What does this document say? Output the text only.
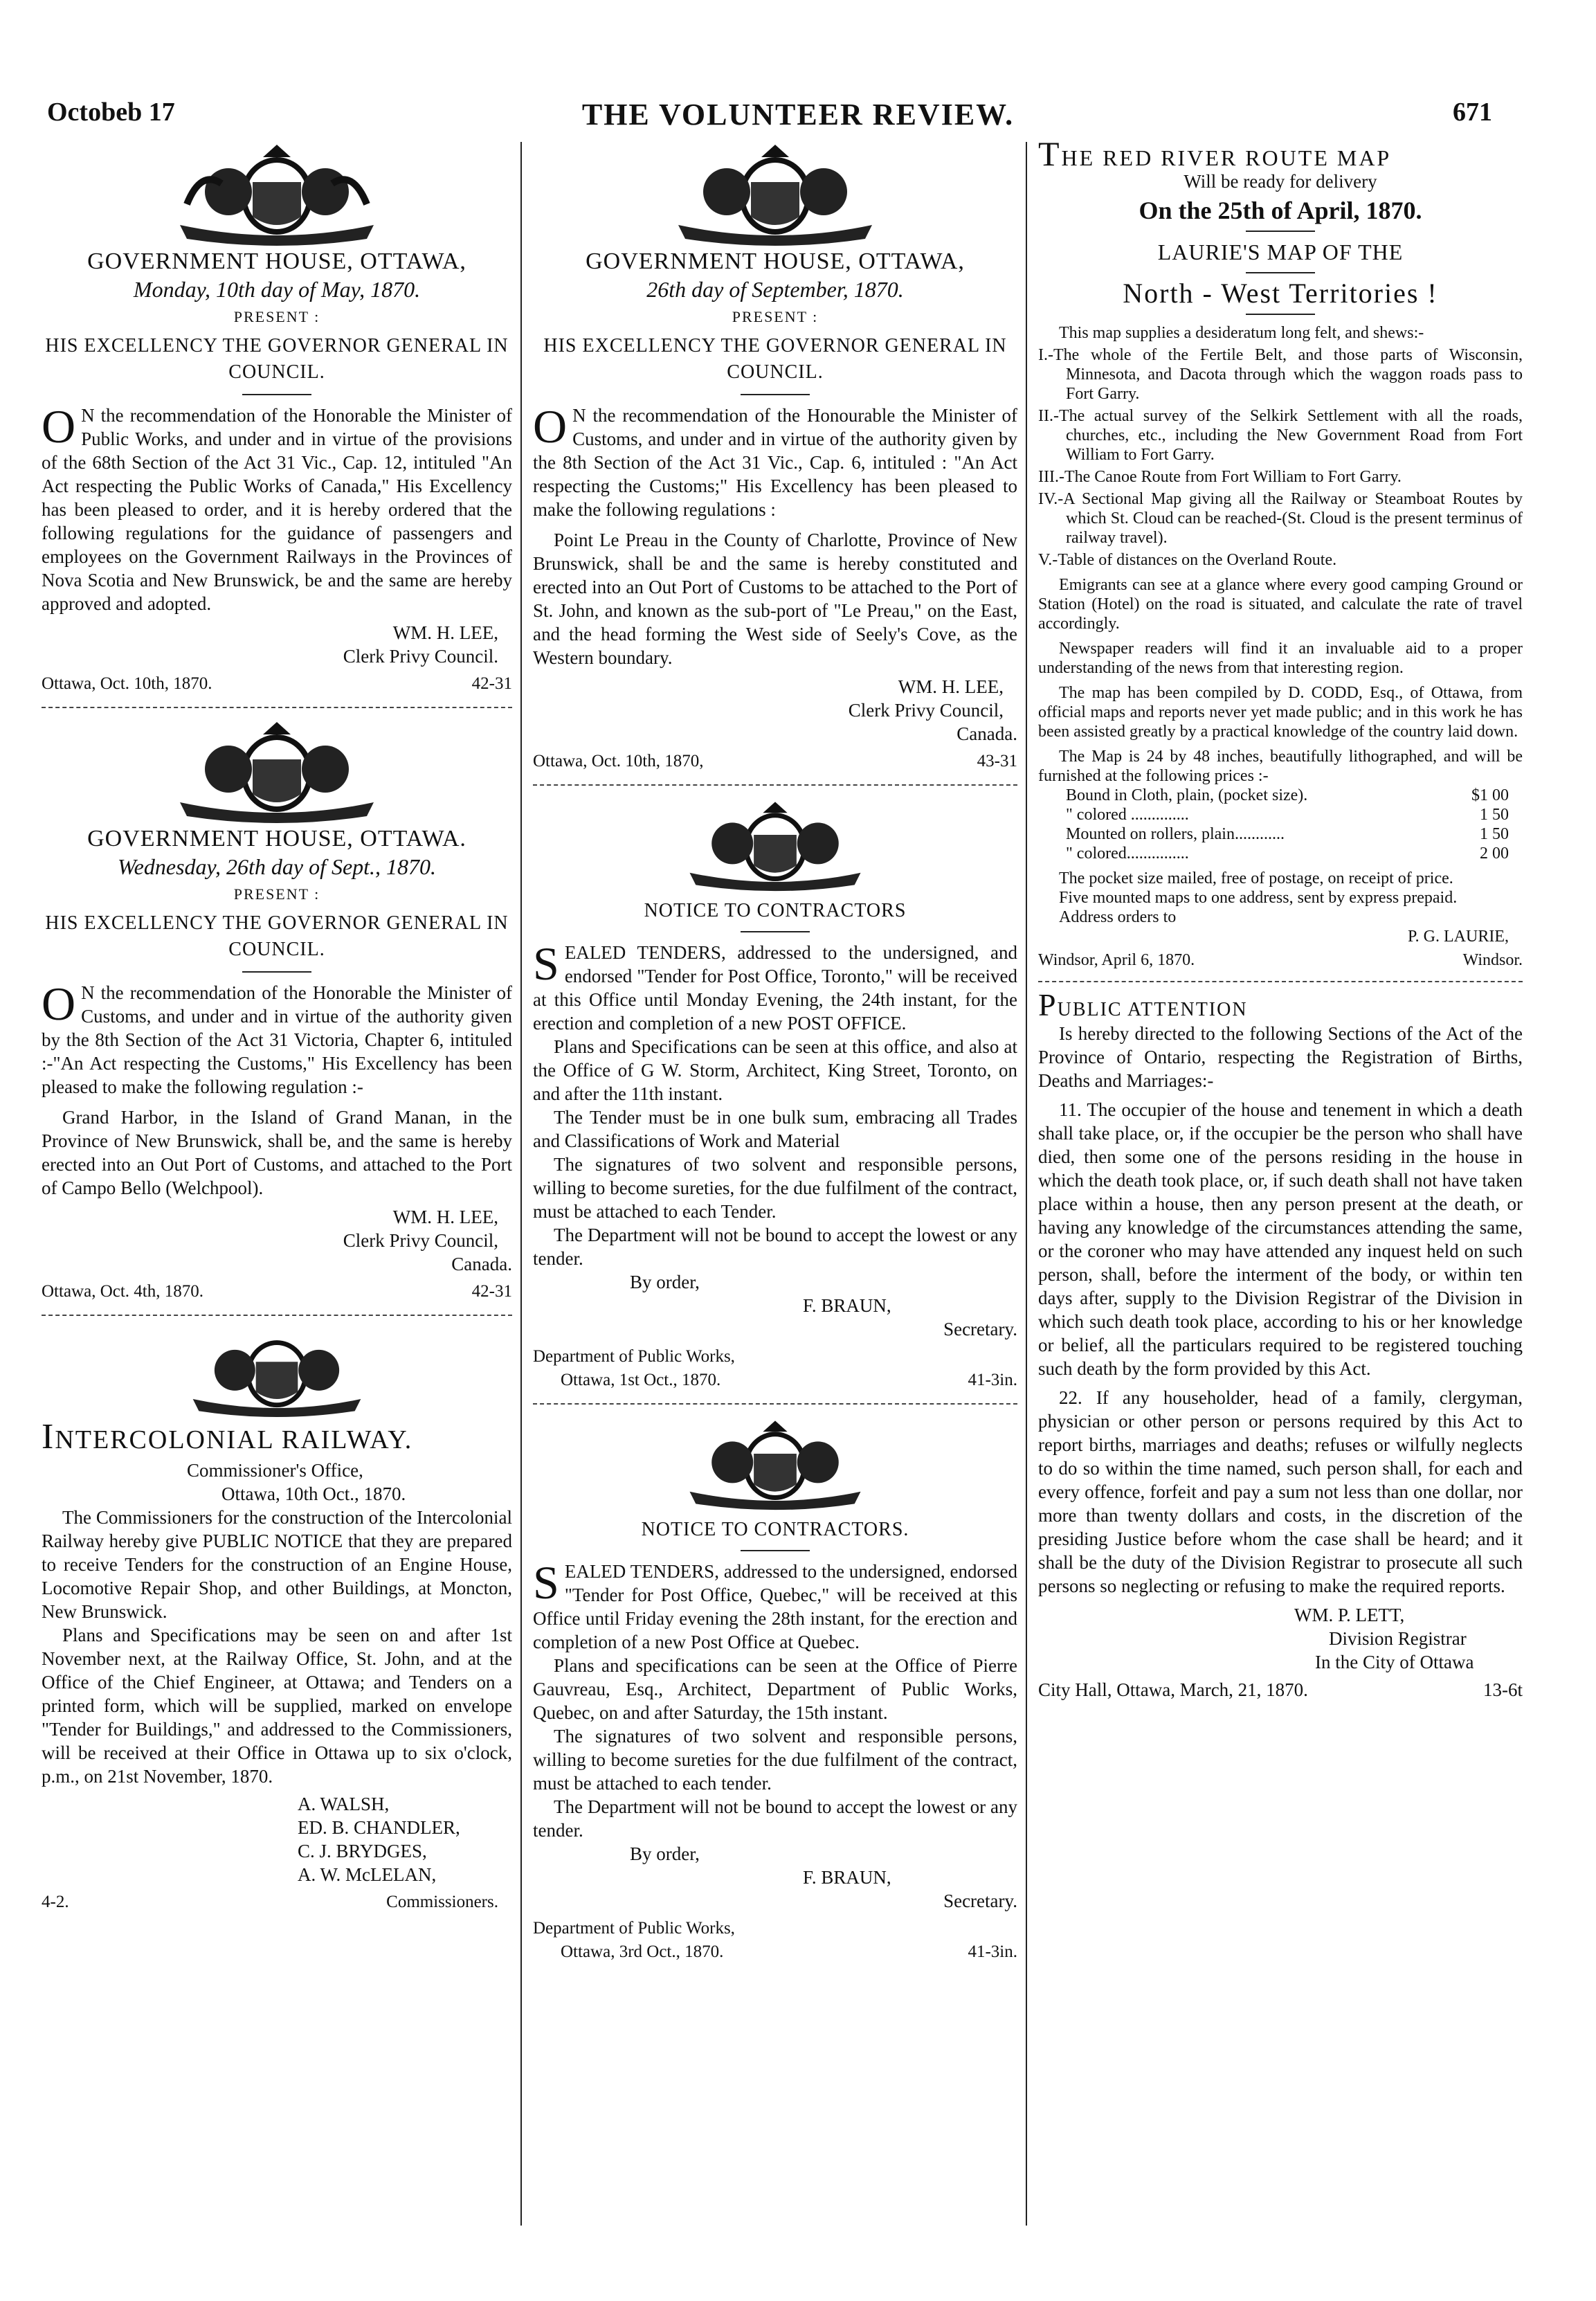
Octobeb 17	THE VOLUNTEER REVIEW.	671
GOVERNMENT HOUSE, OTTAWA,
Monday, 10th day of May, 1870.
PRESENT :
HIS EXCELLENCY THE GOVERNOR GENERAL IN COUNCIL.

O N the recommendation of the Honorable the Minister of Public Works, and under and in virtue of the provisions of the 68th Section of the Act 31 Vic., Cap. 12, intituled "An Act respecting the Public Works of Canada," His Excellency has been pleased to order, and it is hereby ordered that the following regulations for the guidance of passengers and employees on the Government Railways in the Provinces of Nova Scotia and New Brunswick, be and the same are hereby approved and adopted.

WM. H. LEE,
Clerk Privy Council.
Ottawa, Oct. 10th, 1870.	42-31
GOVERNMENT HOUSE, OTTAWA.
Wednesday, 26th day of Sept., 1870.
PRESENT :
HIS EXCELLENCY THE GOVERNOR GENERAL IN COUNCIL.

O N the recommendation of the Honorable the Minister of Customs, and under and in virtue of the authority given by the 8th Section of the Act 31 Victoria, Chapter 6, intituled :-"An Act respecting the Customs," His Excellency has been pleased to make the following regulation :-

Grand Harbor, in the Island of Grand Manan, in the Province of New Brunswick, shall be, and the same is hereby erected into an Out Port of Customs, and attached to the Port of Campo Bello (Welchpool).

WM. H. LEE,
Clerk Privy Council,
Canada.
Ottawa, Oct. 4th, 1870.	42-31
INTERCOLONIAL RAILWAY.
Commissioner's Office,
Ottawa, 10th Oct., 1870.

The Commissioners for the construction of the Intercolonial Railway hereby give PUBLIC NOTICE that they are prepared to receive Tenders for the construction of an Engine House, Locomotive Repair Shop, and other Buildings, at Moncton, New Brunswick.

Plans and Specifications may be seen on and after 1st November next, at the Railway Office, St. John, and at the Office of the Chief Engineer, at Ottawa; and Tenders on a printed form, which will be supplied, marked on envelope "Tender for Buildings," and addressed to the Commissioners, will be received at their Office in Ottawa up to six o'clock, p.m., on 21st November, 1870.

A. WALSH,
ED. B. CHANDLER,
C. J. BRYDGES,
A. W. McLELAN,
4-2.	Commissioners.
GOVERNMENT HOUSE, OTTAWA,
26th day of September, 1870.
PRESENT :
HIS EXCELLENCY THE GOVERNOR GENERAL IN COUNCIL.

O N the recommendation of the Honourable the Minister of Customs, and under and in virtue of the authority given by the 8th Section of the Act 31 Vic., Cap. 6, intituled : "An Act respecting the Customs;" His Excellency has been pleased to make the following regulations :

Point Le Preau in the County of Charlotte, Province of New Brunswick, shall be and the same is hereby constituted and erected into an Out Port of Customs to be attached to the Port of St. John, and known as the sub-port of "Le Preau," on the East, and the head forming the West side of Seely's Cove, as the Western boundary.

WM. H. LEE,
Clerk Privy Council,
Canada.
Ottawa, Oct. 10th, 1870,	43-31
NOTICE TO CONTRACTORS

SEALED TENDERS, addressed to the undersigned, and endorsed "Tender for Post Office, Toronto," will be received at this Office until Monday Evening, the 24th instant, for the erection and completion of a new POST OFFICE.

Plans and Specifications can be seen at this office, and also at the Office of G W. Storm, Architect, King Street, Toronto, on and after the 11th instant.

The Tender must be in one bulk sum, embracing all Trades and Classifications of Work and Material

The signatures of two solvent and responsible persons, willing to become sureties, for the due fulfilment of the contract, must be attached to each Tender.

The Department will not be bound to accept the lowest or any tender.

By order,
F. BRAUN,
Secretary.
Department of Public Works,
Ottawa, 1st Oct., 1870.	41-3in.
NOTICE TO CONTRACTORS.

SEALED TENDERS, addressed to the undersigned, endorsed "Tender for Post Office, Quebec," will be received at this Office until Friday evening the 28th instant, for the erection and completion of a new Post Office at Quebec.

Plans and specifications can be seen at the Office of Pierre Gauvreau, Esq., Architect, Department of Public Works, Quebec, on and after Saturday, the 15th instant.

The signatures of two solvent and responsible persons, willing to become sureties for the due fulfilment of the contract, must be attached to each tender.

The Department will not be bound to accept the lowest or any tender.

By order,
F. BRAUN,
Secretary.
Department of Public Works,
Ottawa, 3rd Oct., 1870.	41-3in.
THE RED RIVER ROUTE MAP
Will be ready for delivery
On the 25th of April, 1870.
LAURIE'S MAP OF THE
North - West Territories !

This map supplies a desideratum long felt, and shews:-

I.-The whole of the Fertile Belt, and those parts of Wisconsin, Minnesota, and Dacota through which the waggon roads pass to Fort Garry.

II.-The actual survey of the Selkirk Settlement with all the roads, churches, etc., including the New Government Road from Fort William to Fort Garry.

III.-The Canoe Route from Fort William to Fort Garry.

IV.-A Sectional Map giving all the Railway or Steamboat Routes by which St. Cloud can be reached-(St. Cloud is the present terminus of railway travel).

V.-Table of distances on the Overland Route.

Emigrants can see at a glance where every good camping Ground or Station (Hotel) on the road is situated, and calculate the rate of travel accordingly.

Newspaper readers will find it an invaluable aid to a proper understanding of the news from that interesting region.

The map has been compiled by D. CODD, Esq., of Ottawa, from official maps and reports never yet made public; and in this work he has been assisted greatly by a practical knowledge of the country laid down.

The Map is 24 by 48 inches, beautifully lithographed, and will be furnished at the following prices :-

Bound in Cloth, plain, (pocket size).	$1 00
" colored ..............	1 50
Mounted on rollers, plain............	1 50
" colored...............	2 00

The pocket size mailed, free of postage, on receipt of price.

Five mounted maps to one address, sent by express prepaid.

Address orders to

P. G. LAURIE,
Windsor, April 6, 1870.	Windsor.
PUBLIC ATTENTION

Is hereby directed to the following Sections of the Act of the Province of Ontario, respecting the Registration of Births, Deaths and Marriages:-

11. The occupier of the house and tenement in which a death shall take place, or, if the occupier be the person who shall have died, then some one of the persons residing in the house in which the death took place, or, if such death shall not have taken place within a house, then any person present at the death, or having any knowledge of the circumstances attending the same, or the coroner who may have attended any inquest held on such person, shall, before the interment of the body, or within ten days after, supply to the Division Registrar of the Division in which such death took place, according to his or her knowledge or belief, all the particulars required to be registered touching such death by the form provided by this Act.

22. If any householder, head of a family, clergyman, physician or other person or persons required by this Act to report births, marriages and deaths; refuses or wilfully neglects to do so within the time named, such person shall, for each and every offence, forfeit and pay a sum not less than one dollar, nor more than twenty dollars and costs, in the discretion of the presiding Justice before whom the case shall be heard; and it shall be the duty of the Division Registrar to prosecute all such persons so neglecting or refusing to make the required reports.

WM. P. LETT,
Division Registrar
In the City of Ottawa
City Hall, Ottawa, March, 21, 1870.	13-6t
